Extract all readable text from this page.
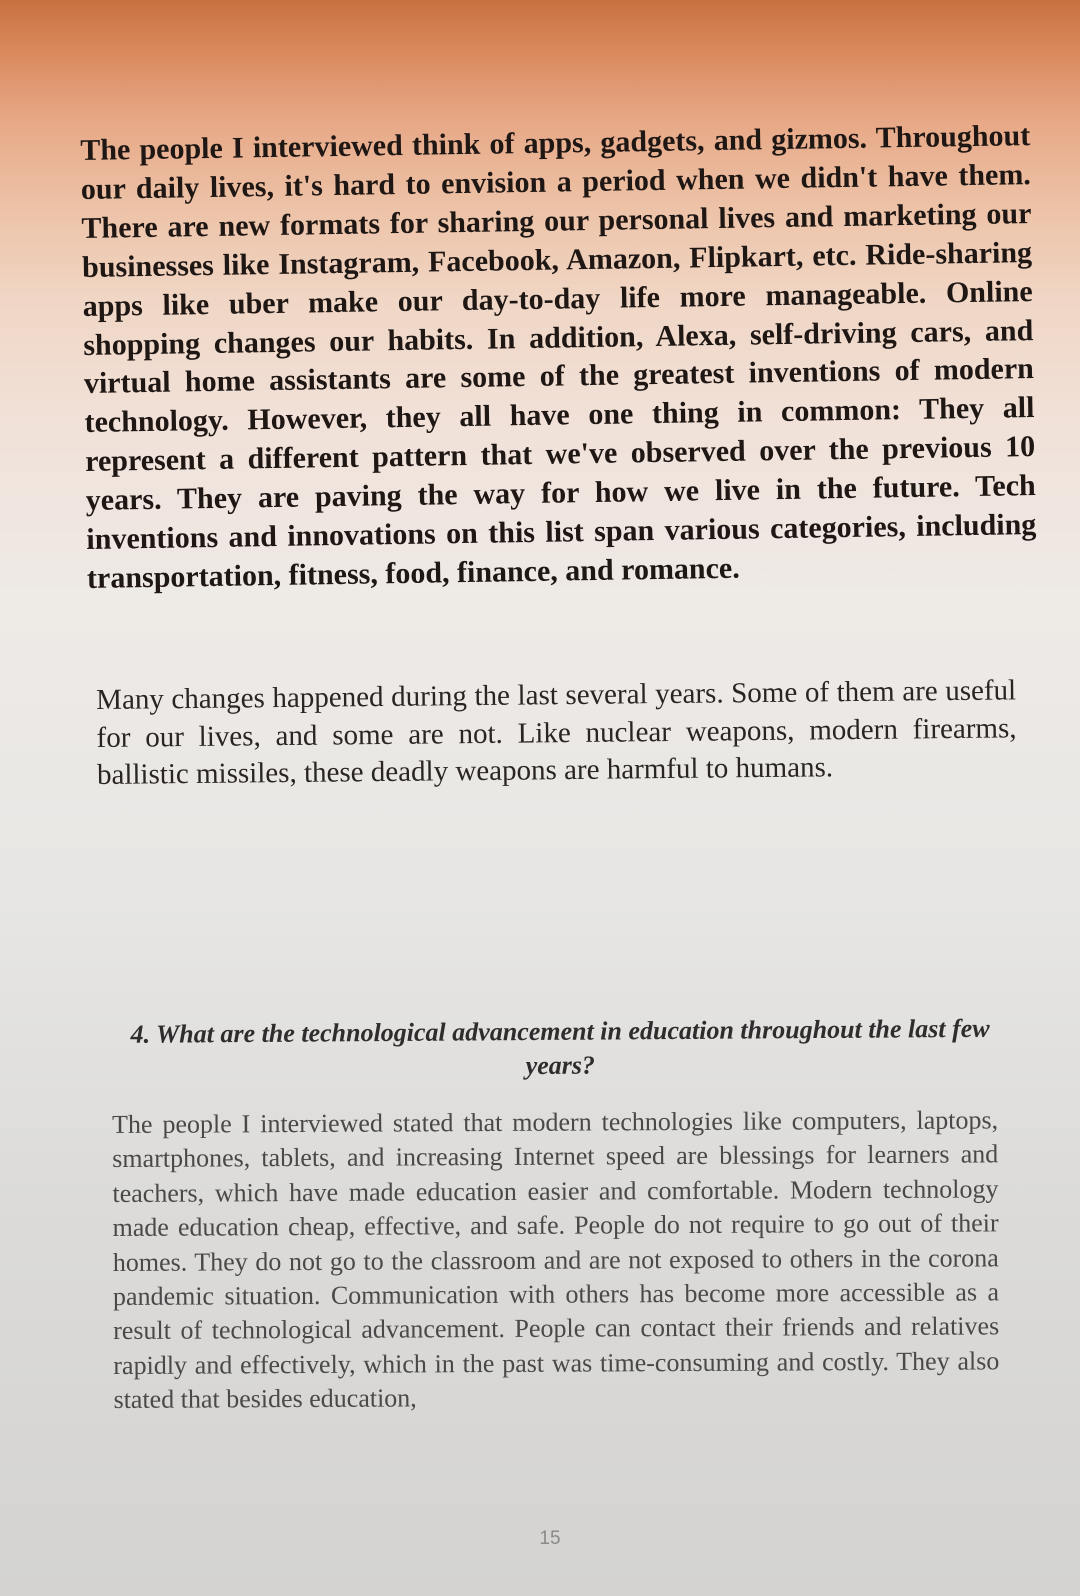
The people I interviewed think of apps, gadgets, and gizmos. Throughout our daily lives, it's hard to envision a period when we didn't have them. There are new formats for sharing our personal lives and marketing our businesses like Instagram, Facebook, Amazon, Flipkart, etc. Ride-sharing apps like uber make our day-to-day life more manageable. Online shopping changes our habits. In addition, Alexa, self-driving cars, and virtual home assistants are some of the greatest inventions of modern technology. However, they all have one thing in common: They all represent a different pattern that we've observed over the previous 10 years. They are paving the way for how we live in the future. Tech inventions and innovations on this list span various categories, including transportation, fitness, food, finance, and romance.

Many changes happened during the last several years. Some of them are useful for our lives, and some are not. Like nuclear weapons, modern firearms, ballistic missiles, these deadly weapons are harmful to humans.

4. What are the technological advancement in education throughout the last few years?

The people I interviewed stated that modern technologies like computers, laptops, smartphones, tablets, and increasing Internet speed are blessings for learners and teachers, which have made education easier and comfortable. Modern technology made education cheap, effective, and safe. People do not require to go out of their homes. They do not go to the classroom and are not exposed to others in the corona pandemic situation. Communication with others has become more accessible as a result of technological advancement. People can contact their friends and relatives rapidly and effectively, which in the past was time-consuming and costly. They also stated that besides education,

15
